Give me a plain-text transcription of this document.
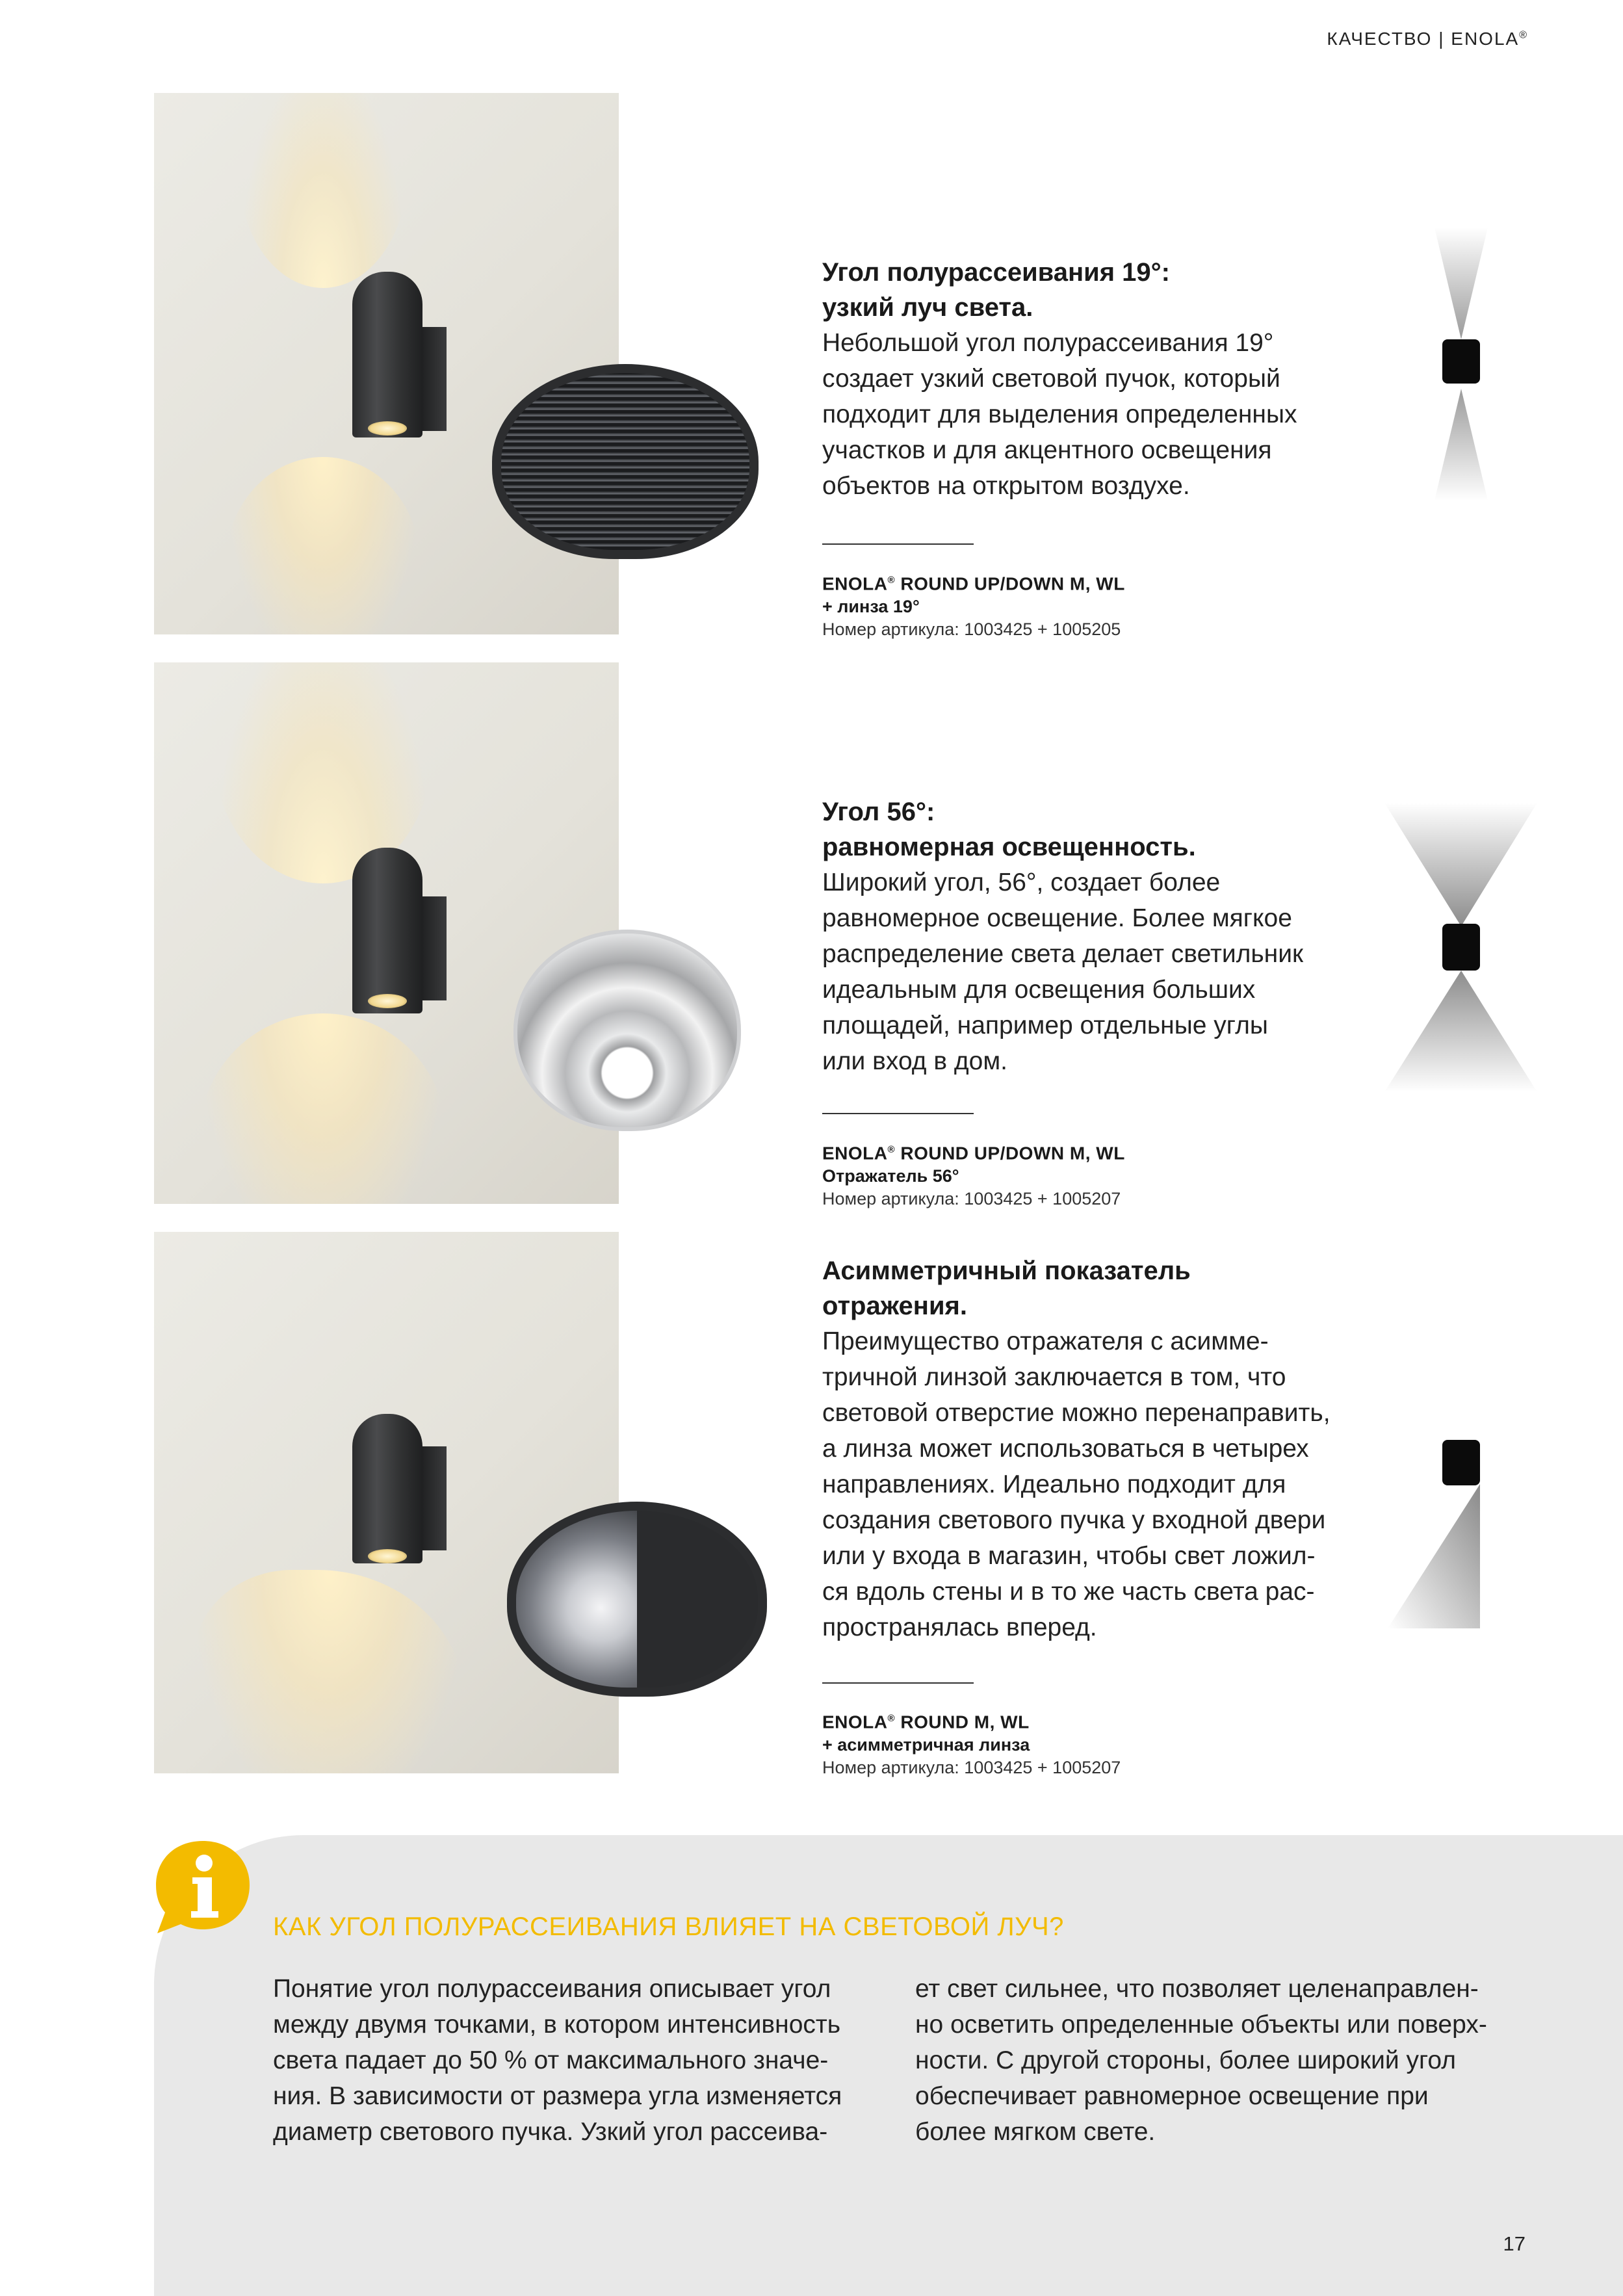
КАЧЕСТВО | ENOLA®

Угол полурассеивания 19°:

узкий луч света.

Небольшой угол полурассеивания 19°

создает узкий световой пучок, который

подходит для выделения определенных

участков и для акцентного освещения

объектов на открытом воздухе.

ENOLA® ROUND UP/DOWN M, WL
+ линза 19°
Номер артикула: 1003425 + 1005205

Угол 56°:

равномерная освещенность.

Широкий угол, 56°, создает более

равномерное освещение. Более мягкое

распределение света делает светильник

идеальным для освещения больших

площадей, например отдельные углы

или вход в дом.

ENOLA® ROUND UP/DOWN M, WL
Отражатель 56°
Номер артикула: 1003425 + 1005207

Асимметричный показатель

отражения.

Преимущество отражателя с асимме-

тричной линзой заключается в том, что

световой отверстие можно перенаправить,

а линза может использоваться в четырех

направлениях. Идеально подходит для

создания светового пучка у входной двери

или у входа в магазин, чтобы свет ложил-

ся вдоль стены и в то же часть света рас-

пространялась вперед.

ENOLA® ROUND M, WL
+ асимметричная линза
Номер артикула: 1003425 + 1005207
КАК УГОЛ ПОЛУРАССЕИВАНИЯ ВЛИЯЕТ НА СВЕТОВОЙ ЛУЧ?
Понятие угол полурассеивания описывает угол
между двумя точками, в котором интенсивность
света падает до 50 % от максимального значе-
ния. В зависимости от размера угла изменяется
диаметр светового пучка. Узкий угол рассеива-
ет свет сильнее, что позволяет целенаправлен-
но осветить определенные объекты или поверх-
ности. С другой стороны, более широкий угол
обеспечивает равномерное освещение при
более мягком свете.
17
